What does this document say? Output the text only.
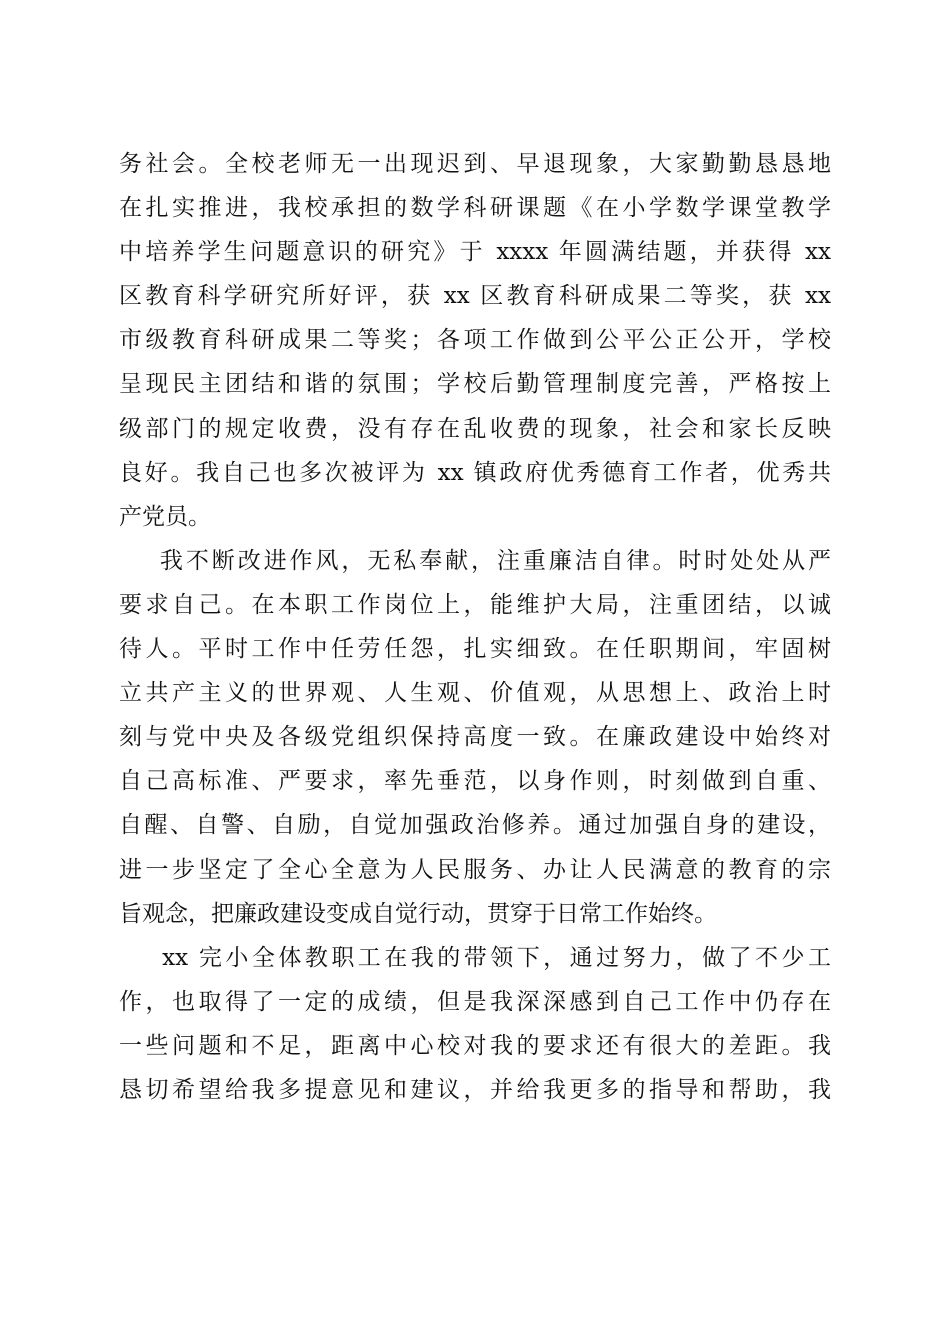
务社会。全校老师无一出现迟到、早退现象，大家勤勤恳恳地
在扎实推进，我校承担的数学科研课题《在小学数学课堂教学
中培养学生问题意识的研究》于 xxxx 年圆满结题，并获得 xx
区教育科学研究所好评，获 xx 区教育科研成果二等奖，获 xx
市级教育科研成果二等奖；各项工作做到公平公正公开，学校
呈现民主团结和谐的氛围；学校后勤管理制度完善，严格按上
级部门的规定收费，没有存在乱收费的现象，社会和家长反映
良好。我自己也多次被评为 xx 镇政府优秀德育工作者，优秀共
产党员。
我不断改进作风，无私奉献，注重廉洁自律。时时处处从严
要求自己。在本职工作岗位上，能维护大局，注重团结，以诚
待人。平时工作中任劳任怨，扎实细致。在任职期间，牢固树
立共产主义的世界观、人生观、价值观，从思想上、政治上时
刻与党中央及各级党组织保持高度一致。在廉政建设中始终对
自己高标准、严要求，率先垂范，以身作则，时刻做到自重、
自醒、自警、自励，自觉加强政治修养。通过加强自身的建设，
进一步坚定了全心全意为人民服务、办让人民满意的教育的宗
旨观念，把廉政建设变成自觉行动，贯穿于日常工作始终。
xx 完小全体教职工在我的带领下，通过努力，做了不少工
作，也取得了一定的成绩，但是我深深感到自己工作中仍存在
一些问题和不足，距离中心校对我的要求还有很大的差距。我
恳切希望给我多提意见和建议，并给我更多的指导和帮助，我
